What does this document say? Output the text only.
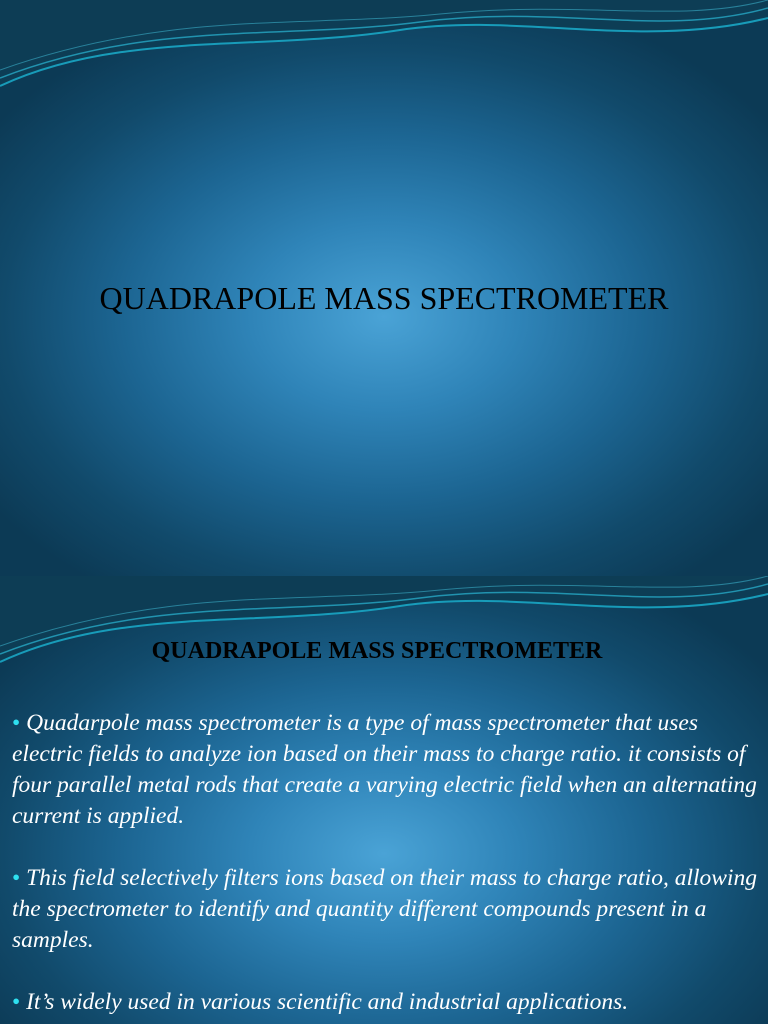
QUADRAPOLE MASS SPECTROMETER
QUADRAPOLE MASS SPECTROMETER
• Quadarpole mass spectrometer is a type of mass spectrometer that uses electric fields to analyze ion based on their mass to charge ratio. it consists of four parallel metal rods that create a varying electric field when an alternating current is applied.
• This field selectively filters ions based on their mass to charge ratio, allowing the spectrometer to identify and quantity different compounds present in a samples.
• It’s widely used in various scientific and industrial applications.
